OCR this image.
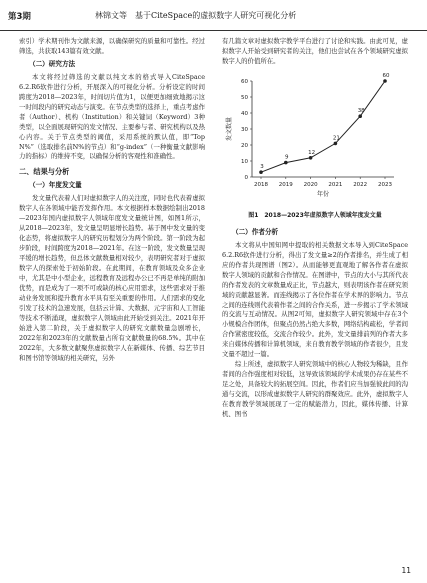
第3期	林锦文等　基于CiteSpace的虚拟数字人研究可视化分析

索引）学术期刊作为文献来源，以确保研究的质量和可靠性。经过筛选，共获取143篇有效文献。

（二）研究方法

本文将经过筛选的文献以纯文本的格式导入CiteSpace 6.2.R6软件进行分析，开展深入的可视化分析。分析设定的时间跨度为2018—2023年，时间切片值为1，以便更加细致地揭示这一时间段内的研究动态与演变。在节点类型的选择上，重点考虑作者（Author）、机构（Institution）和关键词（Keyword）3种类型，以全面展现研究的发文情况、主要参与者、研究机构以及热心内容。关于节点类型的阈值，采用系统的默认值，即“Top N%”（选取排名前N%的节点）和“g-index”（一种衡量文献影响力的指标）的维持不变，以确保分析的客观性和准确性。

二、结果与分析
（一）年度发文量

发文量代表着人们对虚拟数字人的关注度，同时也代表着虚拟数字人在各领域中能否发挥作用。本文根据样本数据绘制出2018—2023年国内虚拟数字人领域年度发文量统计图，如图1所示，从2018—2023年，发文量呈明显增长趋势。基于图中发文量的变化态势，将虚拟数字人的研究历程划分为两个阶段。第一阶段为起步阶段，时间跨度为2018—2021年。在这一阶段，发文数量呈现平缓的增长趋势，但总体文献数量相对较少，表明研究者对于虚拟数字人的探索处于初始阶段。在此期间，在教育领域及众多企业中，尤其是中小型企业，远程教育及远程办公已不再是单纯的附加优势，而是成为了一项不可或缺的核心应用需求，这些需求对于推动业务发展和提升教育水平具有至关重要的作用。人们需求的变化引发了技术的急速发展，包括云计算、大数据、元宇宙和人工智能等技术不断涌现，虚拟数字人领域由此开始受到关注。2021年开始进入第二阶段，关于虚拟数字人的研究文献数量急剧增长，2022年和2023年的文献数量占所有文献数量的68.5%。其中在2022年，大多数文献聚焦虚拟数字人在新媒体、传播、综艺节目和图书馆等领域的相关研究，另外

有几篇文章对虚拟数字教学平台进行了讨论和实践。由此可见，虚拟数字人开始受到研究者的关注，他们也尝试在各个领域研究虚拟数字人的价值所在。

0
10
20
30
40
50
60
2018 2019 2020 2021 2022 2023
年份
发文数量
3
9
12
21
38
60
图1　2018—2023年虚拟数字人领域年度发文量
（二）作者分析

本文将从中国知网中提取的相关数据文本导入到CiteSpace 6.2.R6软件进行分析，得出了发文量≥2的作者排名，并生成了相应的作者共现图谱（图2）。从而能够更直观地了解各作者在虚拟数字人领域的贡献和合作情况。在图谱中，节点的大小与其所代表的作者发表的文章数量成正比，节点越大，则表明该作者在研究领域的贡献越显著。而连线揭示了各位作者在学术界的影响力。节点之间的连线则代表着作者之间的合作关系，进一步揭示了学术领域的交流与互动情况。从图2可知，虚拟数字人研究领域中存在3个小规模合作团体，但聚点仍然占绝大多数，网络结构疏松，学者间合作紧密度较低，交流合作较少。此外，发文量排前列的作者大多来自媒体传播和计算机领域，来自教育教学领域的作者很少，且发文量不超过一篇。

综上所述，虚拟数字人研究领域中的核心人物较为稀缺，且作者间的合作强度相对较低，这导致该领域的学术成果仍存在某些不足之处，具备较大的拓展空间。因此，作者们应当加强彼此间的沟通与交流，以形成虚拟数字人研究的群聚效应。此外，虚拟数字人在教育教学领域展现了一定的赋能潜力，因此，媒体传播、计算机、图书

11
